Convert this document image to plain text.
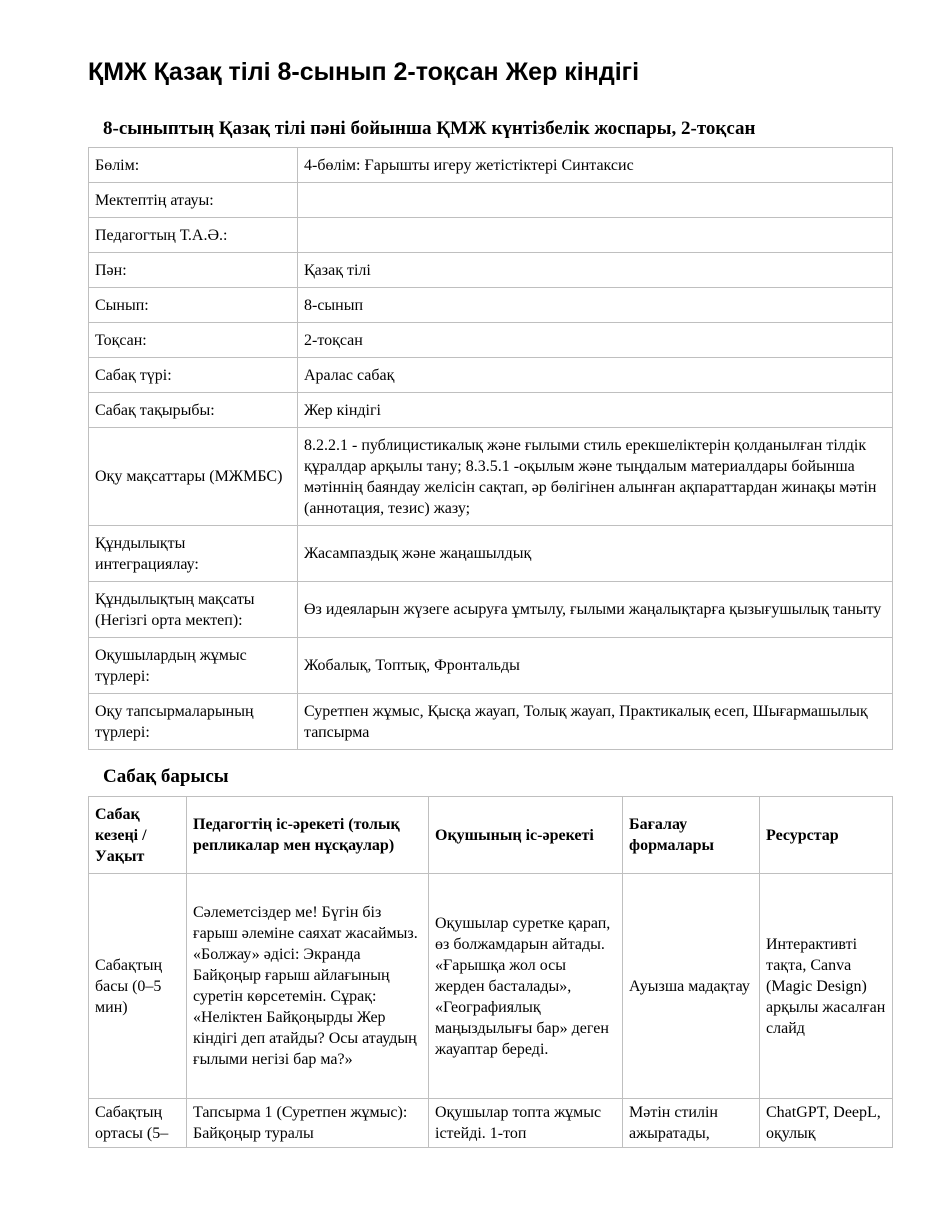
ҚМЖ Қазақ тілі 8-сынып 2-тоқсан Жер кіндігі
8-сыныптың Қазақ тілі пәні бойынша ҚМЖ күнтізбелік жоспары, 2-тоқсан
Бөлім:	4-бөлім: Ғарышты игеру жетістіктері Синтаксис
Мектептің атауы:	
Педагогтың Т.А.Ә.:	
Пән:	Қазақ тілі
Сынып:	8-сынып
Тоқсан:	2-тоқсан
Сабақ түрі:	Аралас сабақ
Сабақ тақырыбы:	Жер кіндігі
Оқу мақсаттары (МЖМБС)	8.2.2.1 - публицистикалық және ғылыми стиль ерекшеліктерін қолданылған тілдік құралдар арқылы тану; 8.3.5.1 -оқылым және тыңдалым материалдары бойынша мәтіннің баяндау желісін сақтап, әр бөлігінен алынған ақпараттардан жинақы мәтін (аннотация, тезис) жазу;
Құндылықты интеграциялау:	Жасампаздық және жаңашылдық
Құндылықтың мақсаты (Негізгі орта мектеп):	Өз идеяларын жүзеге асыруға ұмтылу, ғылыми жаңалықтарға қызығушылық таныту
Оқушылардың жұмыс түрлері:	Жобалық, Топтық, Фронтальды
Оқу тапсырмаларының түрлері:	Суретпен жұмыс, Қысқа жауап, Толық жауап, Практикалық есеп, Шығармашылық тапсырма
Сабақ барысы
Сабақ кезеңі / Уақыт	Педагогтің іс-әрекеті (толық репликалар мен нұсқаулар)	Оқушының іс-әрекеті	Бағалау формалары	Ресурстар
Сабақтың басы (0–5 мин)	Сәлеметсіздер ме! Бүгін біз ғарыш әлеміне саяхат жасаймыз. «Болжау» әдісі: Экранда Байқоңыр ғарыш айлағының суретін көрсетемін. Сұрақ: «Неліктен Байқоңырды Жер кіндігі деп атайды? Осы атаудың ғылыми негізі бар ма?»	Оқушылар суретке қарап, өз болжамдарын айтады. «Ғарышқа жол осы жерден басталады», «Географиялық маңыздылығы бар» деген жауаптар береді.	Ауызша мадақтау	Интерактивті тақта, Canva (Magic Design) арқылы жасалған слайд
Сабақтың ортасы (5–	Тапсырма 1 (Суретпен жұмыс): Байқоңыр туралы	Оқушылар топта жұмыс істейді. 1-топ	Мәтін стилін ажыратады,	ChatGPT, DeepL, оқулық
